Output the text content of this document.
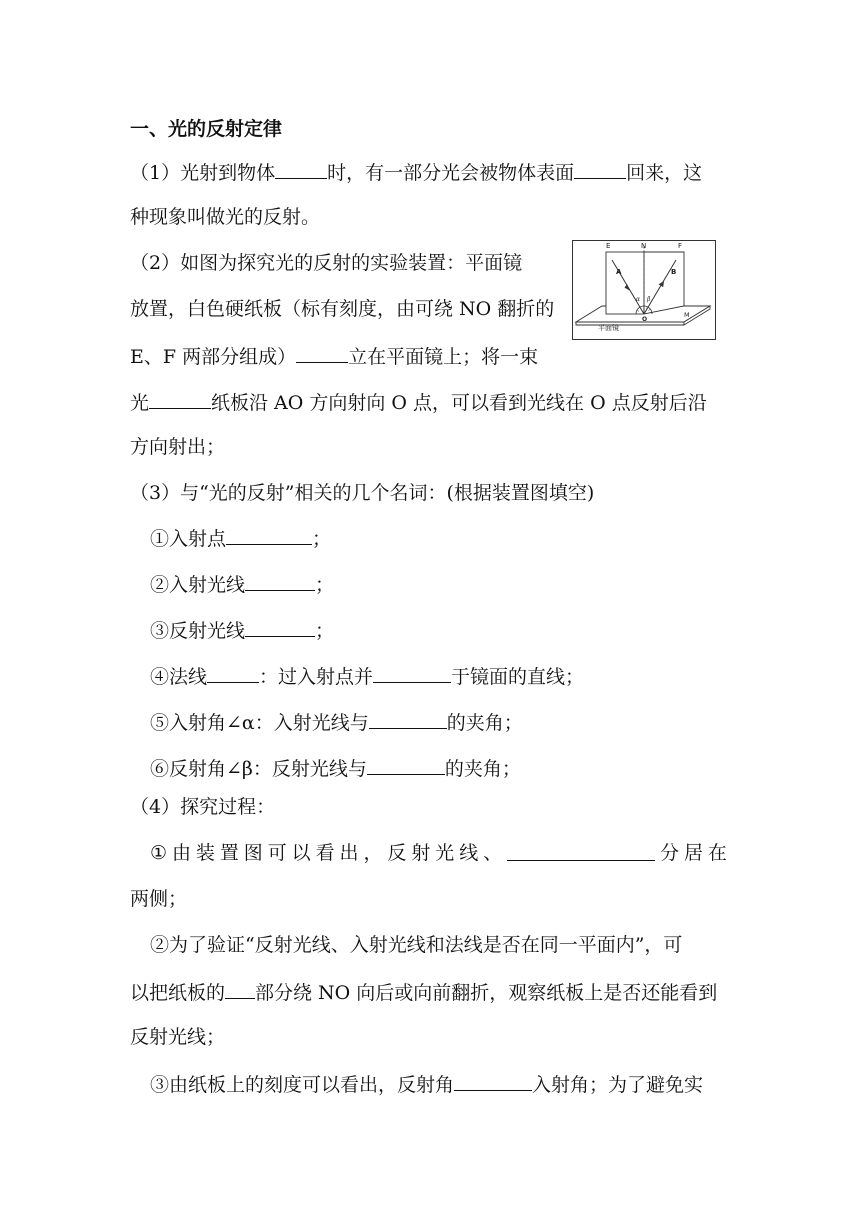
一、光的反射定律
（1）光射到物体	时，有一部分光会被物体表面	回来，这
种现象叫做光的反射。
（2）如图为探究光的反射的实验装置：平面镜
放置，白色硬纸板（标有刻度，由可绕 NO 翻折的
E、F 两部分组成）	立在平面镜上；将一束
光	纸板沿 AO 方向射向 O 点，可以看到光线在 O 点反射后沿
方向射出；
E	N	F
A	B
α β
O
M
平面镜
（3）与“光的反射”相关的几个名词：(根据装置图填空)
①入射点	；
②入射光线	；
③反射光线	；
④法线	：过入射点并	于镜面的直线；
⑤入射角∠α：入射光线与	的夹角；
⑥反射角∠β：反射光线与	的夹角；
（4）探究过程：
① 由 装 置 图 可 以 看 出 ， 反 射 光 线 、	分 居 在
两侧；
②为了验证“反射光线、入射光线和法线是否在同一平面内”，可
以把纸板的 部分绕 NO 向后或向前翻折，观察纸板上是否还能看到
反射光线；
③由纸板上的刻度可以看出，反射角	入射角；为了避免实
